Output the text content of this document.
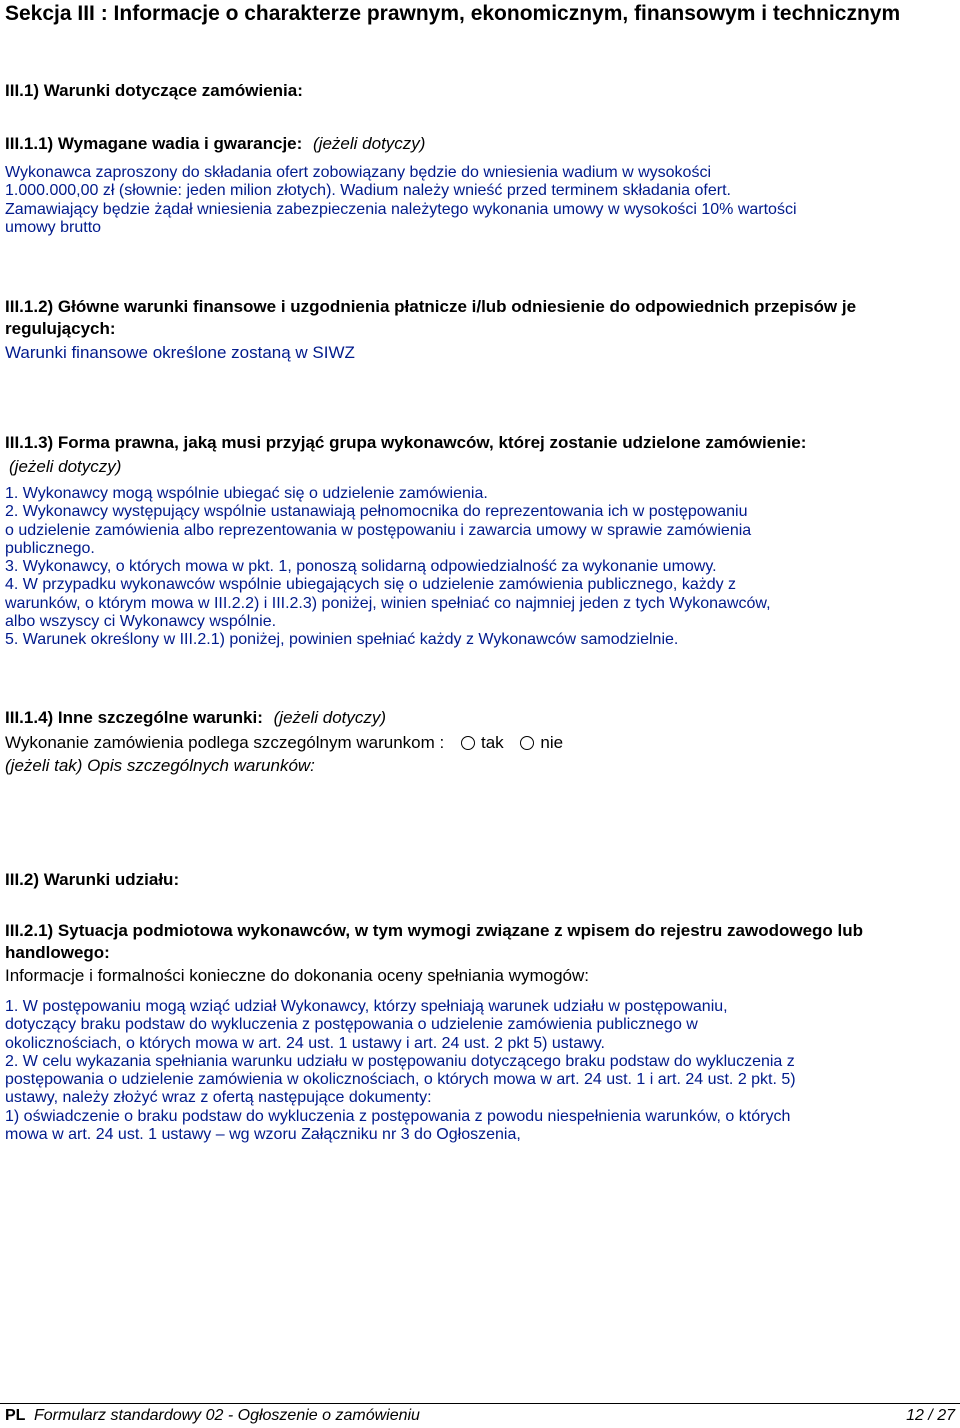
Sekcja III : Informacje o charakterze prawnym, ekonomicznym, finansowym i technicznym
III.1) Warunki dotyczące zamówienia:
III.1.1) Wymagane wadia i gwarancje: (jeżeli dotyczy)

Wykonawca zaproszony do składania ofert zobowiązany będzie do wniesienia wadium w wysokości

1.000.000,00 zł (słownie: jeden milion złotych). Wadium należy wnieść przed terminem składania ofert.

Zamawiający będzie żądał wniesienia zabezpieczenia należytego wykonania umowy w wysokości 10% wartości

umowy brutto

III.1.2) Główne warunki finansowe i uzgodnienia płatnicze i/lub odniesienie do odpowiednich przepisów je regulujących:
Warunki finansowe określone zostaną w SIWZ
III.1.3) Forma prawna, jaką musi przyjąć grupa wykonawców, której zostanie udzielone zamówienie:
(jeżeli dotyczy)

1. Wykonawcy mogą wspólnie ubiegać się o udzielenie zamówienia.

2. Wykonawcy występujący wspólnie ustanawiają pełnomocnika do reprezentowania ich w postępowaniu

o udzielenie zamówienia albo reprezentowania w postępowaniu i zawarcia umowy w sprawie zamówienia

publicznego.

3. Wykonawcy, o których mowa w pkt. 1, ponoszą solidarną odpowiedzialność za wykonanie umowy.

4. W przypadku wykonawców wspólnie ubiegających się o udzielenie zamówienia publicznego, każdy z

warunków, o którym mowa w III.2.2) i III.2.3) poniżej, winien spełniać co najmniej jeden z tych Wykonawców,

albo wszyscy ci Wykonawcy wspólnie.

5. Warunek określony w III.2.1) poniżej, powinien spełniać każdy z Wykonawców samodzielnie.

III.1.4) Inne szczególne warunki: (jeżeli dotyczy)
Wykonanie zamówienia podlega szczególnym warunkom : tak nie
(jeżeli tak) Opis szczególnych warunków:
III.2) Warunki udziału:
III.2.1) Sytuacja podmiotowa wykonawców, w tym wymogi związane z wpisem do rejestru zawodowego lub handlowego:
Informacje i formalności konieczne do dokonania oceny spełniania wymogów:

1. W postępowaniu mogą wziąć udział Wykonawcy, którzy spełniają warunek udziału w postępowaniu,

dotyczący braku podstaw do wykluczenia z postępowania o udzielenie zamówienia publicznego w

okolicznościach, o których mowa w art. 24 ust. 1 ustawy i art. 24 ust. 2 pkt 5) ustawy.

2. W celu wykazania spełniania warunku udziału w postępowaniu dotyczącego braku podstaw do wykluczenia z

postępowania o udzielenie zamówienia w okolicznościach, o których mowa w art. 24 ust. 1 i art. 24 ust. 2 pkt. 5)

ustawy, należy złożyć wraz z ofertą następujące dokumenty:

1) oświadczenie o braku podstaw do wykluczenia z postępowania z powodu niespełnienia warunków, o których

mowa w art. 24 ust. 1 ustawy – wg wzoru Załączniku nr 3 do Ogłoszenia,

PL Formularz standardowy 02 - Ogłoszenie o zamówieniu	12 / 27
